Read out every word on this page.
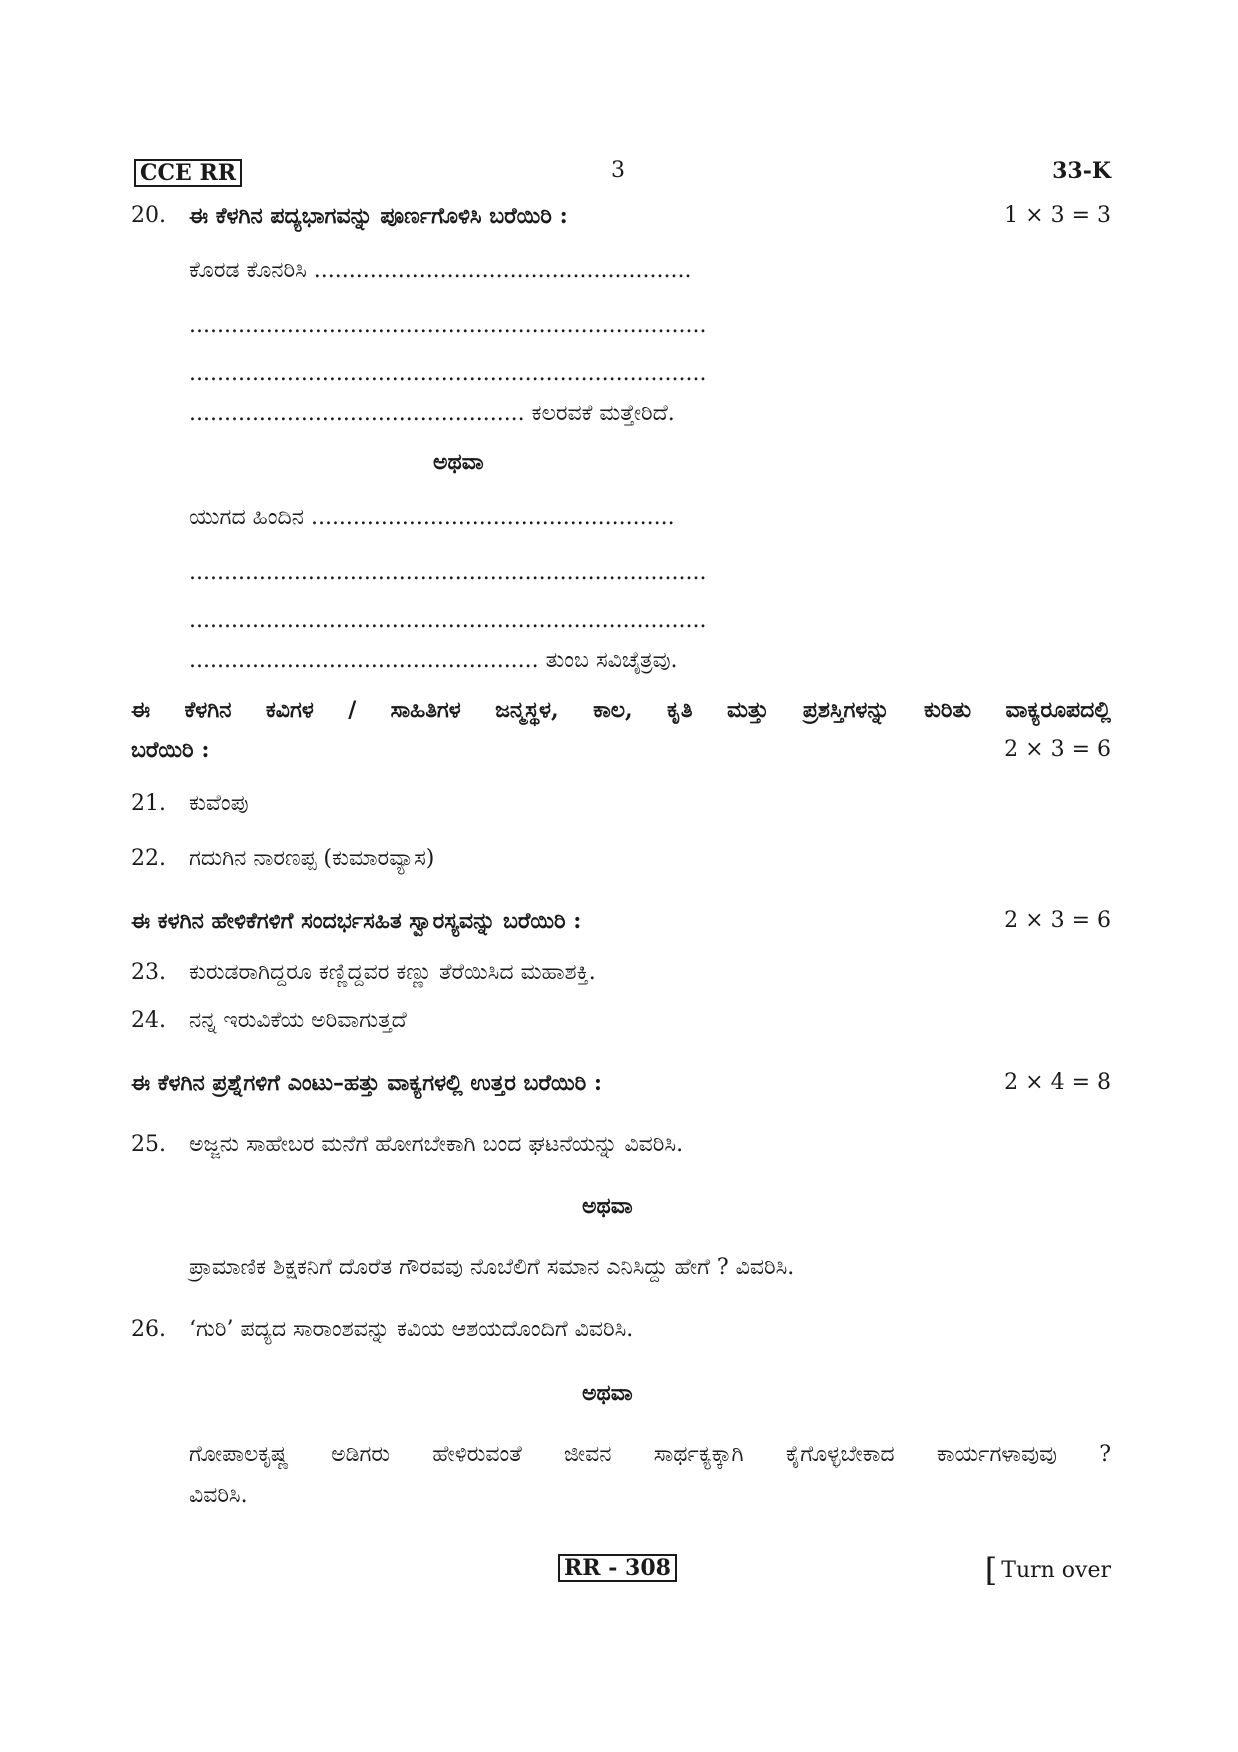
CCE RR	3	33-K
20. ಈ ಕೆಳಗಿನ ಪದ್ಯಭಾಗವನ್ನು ಪೂರ್ಣಗೊಳಿಸಿ ಬರೆಯಿರಿ :	1 × 3 = 3
ಕೊರಡ ಕೊನರಿಸಿ ......................................................
..........................................................................
..........................................................................
................................................ ಕಲರವಕೆ ಮತ್ತೇರಿದೆ.
ಅಥವಾ
ಯುಗದ ಹಿಂದಿನ ....................................................
..........................................................................
..........................................................................
.................................................. ತುಂಬ ಸವಿಚೈತ್ರವು.
ಈ ಕೆಳಗಿನ ಕವಿಗಳ / ಸಾಹಿತಿಗಳ ಜನ್ಮಸ್ಥಳ, ಕಾಲ, ಕೃತಿ ಮತ್ತು ಪ್ರಶಸ್ತಿಗಳನ್ನು ಕುರಿತು ವಾಕ್ಯರೂಪದಲ್ಲಿ
ಬರೆಯಿರಿ :	2 × 3 = 6
21. ಕುವೆಂಪು
22. ಗದುಗಿನ ನಾರಣಪ್ಪ (ಕುಮಾರವ್ಯಾಸ)
ಈ ಕಳಗಿನ ಹೇಳಿಕೆಗಳಿಗೆ ಸಂದರ್ಭಸಹಿತ ಸ್ವಾರಸ್ಯವನ್ನು ಬರೆಯಿರಿ :	2 × 3 = 6
23. ಕುರುಡರಾಗಿದ್ದರೂ ಕಣ್ಣಿದ್ದವರ ಕಣ್ಣು ತೆರೆಯಿಸಿದ ಮಹಾಶಕ್ತಿ.
24. ನನ್ನ ಇರುವಿಕೆಯ ಅರಿವಾಗುತ್ತದೆ
ಈ ಕೆಳಗಿನ ಪ್ರಶ್ನೆಗಳಿಗೆ ಎಂಟು–ಹತ್ತು ವಾಕ್ಯಗಳಲ್ಲಿ ಉತ್ತರ ಬರೆಯಿರಿ :	2 × 4 = 8
25. ಅಜ್ಜನು ಸಾಹೇಬರ ಮನೆಗೆ ಹೋಗಬೇಕಾಗಿ ಬಂದ ಘಟನೆಯನ್ನು ವಿವರಿಸಿ.
ಅಥವಾ
ಪ್ರಾಮಾಣಿಕ ಶಿಕ್ಷಕನಿಗೆ ದೊರೆತ ಗೌರವವು ನೊಬೆಲಿಗೆ ಸಮಾನ ಎನಿಸಿದ್ದು ಹೇಗೆ ? ವಿವರಿಸಿ.
26. ‘ಗುರಿ’ ಪದ್ಯದ ಸಾರಾಂಶವನ್ನು ಕವಿಯ ಆಶಯದೊಂದಿಗೆ ವಿವರಿಸಿ.
ಅಥವಾ
ಗೋಪಾಲಕೃಷ್ಣ ಅಡಿಗರು ಹೇಳಿರುವಂತೆ ಜೀವನ ಸಾರ್ಥಕ್ಯಕ್ಕಾಗಿ ಕೈಗೊಳ್ಳಬೇಕಾದ ಕಾರ್ಯಗಳಾವುವು ?
ವಿವರಿಸಿ.
RR - 308	[ Turn over
